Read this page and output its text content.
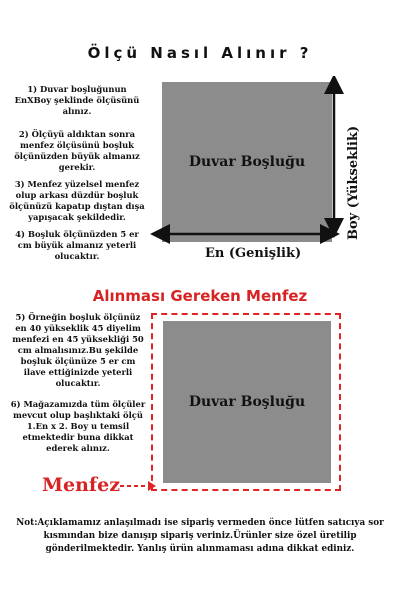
Ölçü Nasıl Alınır ?

1) Duvar boşluğunun EnXBoy şeklinde ölçüsünü alınız.

2) Ölçüyü aldıktan sonra menfez ölçüsünü boşluk ölçünüzden büyük almanız gerekir.

3) Menfez yüzelsel menfez olup arkası düzdür boşluk ölçünüzü kapatıp dıştan dışa yapışacak şekildedir.

4) Boşluk ölçünüzden 5 er cm büyük almanız yeterli olucaktır.

Duvar Boşluğu
En (Genişlik)
Boy (Yükseklik)
Alınması Gereken Menfez

5) Örneğin boşluk ölçünüz en 40 yükseklik 45 diyelim menfezi en 45 yüksekliği 50 cm almalısınız.Bu şekilde boşluk ölçünüze 5 er cm ilave ettiğinizde yeterli olucaktır.

6) Mağazamızda tüm ölçüler mevcut olup başlıktaki ölçü 1.En x 2. Boy u temsil etmektedir buna dikkat ederek alınız.

Duvar Boşluğu
Menfez
Not:Açıklamamız anlaşılmadı ise sipariş vermeden önce lütfen satıcıya sor kısmından bize danışıp sipariş veriniz.Ürünler size özel üretilip gönderilmektedir. Yanlış ürün alınmaması adına dikkat ediniz.
